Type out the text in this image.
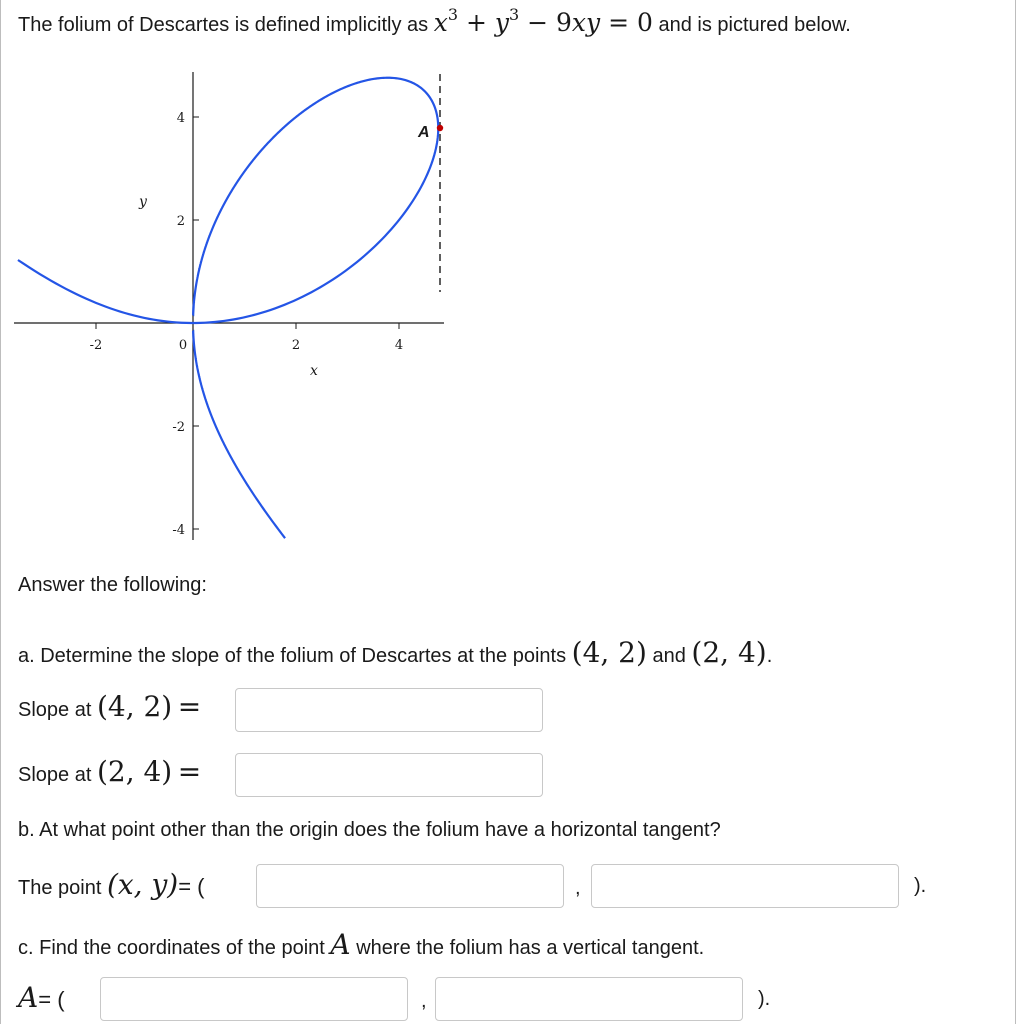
The folium of Descartes is defined implicitly as $x^3 + y^3 - 9xy = 0$ and is pictured below.
-2	0	2	4
4
2
-2
-4
x
y
A
Answer the following:
a. Determine the slope of the folium of Descartes at the points (4, 2) and (2, 4).
Slope at (4, 2) =
Slope at (2, 4) =
b. At what point other than the origin does the folium have a horizontal tangent?
The point (x, y)= (	,	).
c. Find the coordinates of the point A where the folium has a vertical tangent.
A= (	,	).
